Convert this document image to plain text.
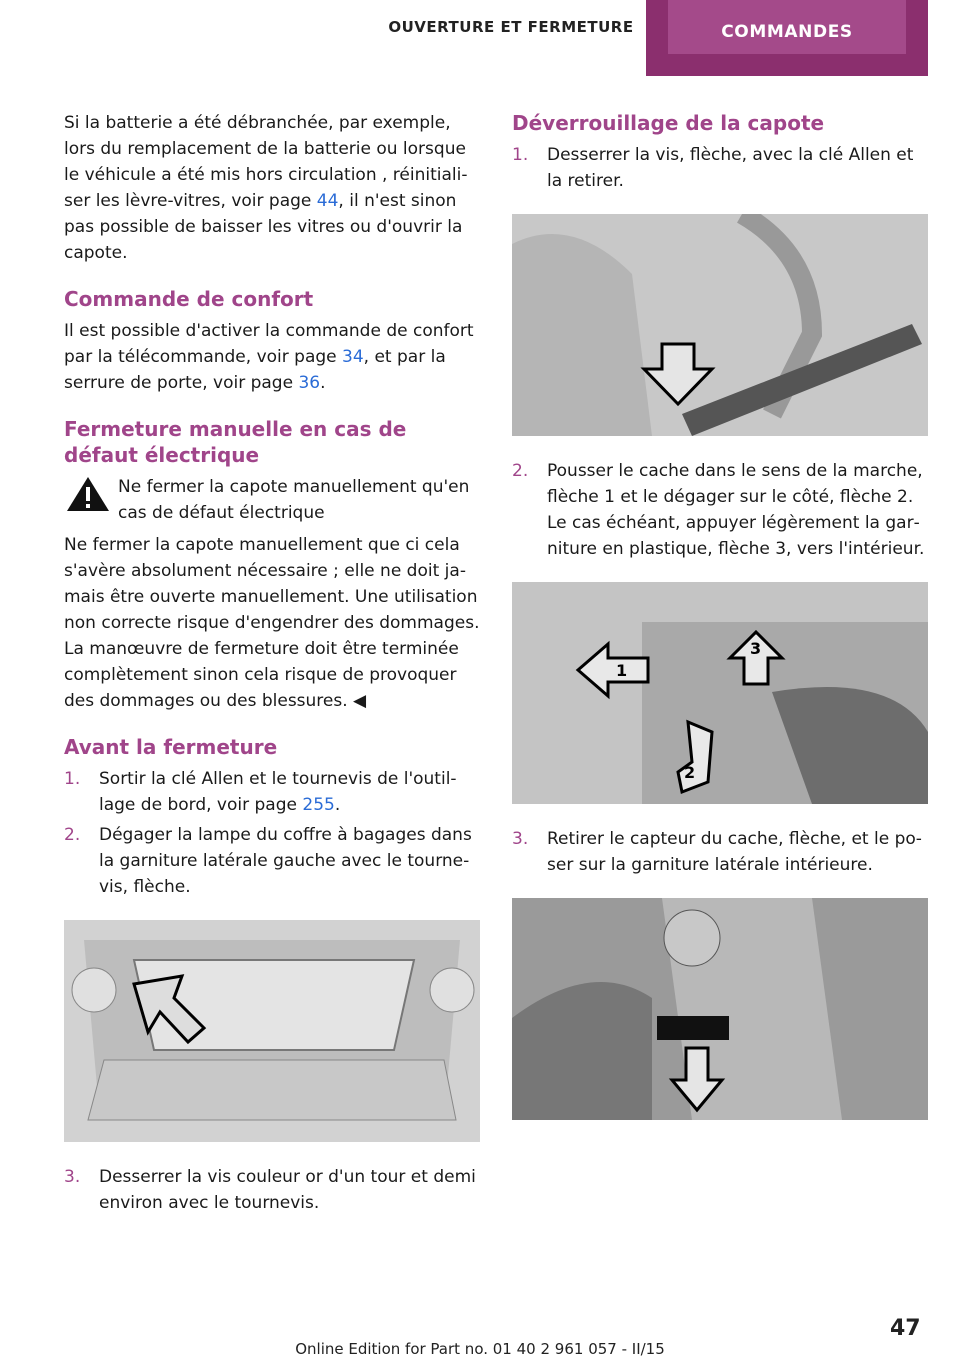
OUVERTURE ET FERMETURE	COMMANDES

Si la batterie a été débranchée, par exemple, lors du remplacement de la batterie ou lorsque le véhicule a été mis hors circulation , réinitialiser les lèvre-vitres, voir page 44, il n'est sinon pas possible de baisser les vitres ou d'ouvrir la capote.

Commande de confort

Il est possible d'activer la commande de confort par la télécommande, voir page 34, et par la serrure de porte, voir page 36.

Fermeture manuelle en cas de défaut électrique
Ne fermer la capote manuellement qu'en cas de défaut électrique

Ne fermer la capote manuellement que ci cela s'avère absolument nécessaire ; elle ne doit jamais être ouverte manuellement. Une utilisation non correcte risque d'engendrer des dommages. La manœuvre de fermeture doit être terminée complètement sinon cela risque de provoquer des dommages ou des blessures. ◀

Avant la fermeture
1. Sortir la clé Allen et le tournevis de l'outillage de bord, voir page 255.
2. Dégager la lampe du coffre à bagages dans la garniture latérale gauche avec le tournevis, flèche.
3. Desserrer la vis couleur or d'un tour et demi environ avec le tournevis.
Déverrouillage de la capote
1. Desserrer la vis, flèche, avec la clé Allen et la retirer.
2. Pousser le cache dans le sens de la marche, flèche 1 et le dégager sur le côté, flèche 2. Le cas échéant, appuyer légèrement la garniture en plastique, flèche 3, vers l'intérieur.
1
3
2
3. Retirer le capteur du cache, flèche, et le poser sur la garniture latérale intérieure.
47
Online Edition for Part no. 01 40 2 961 057 - II/15
